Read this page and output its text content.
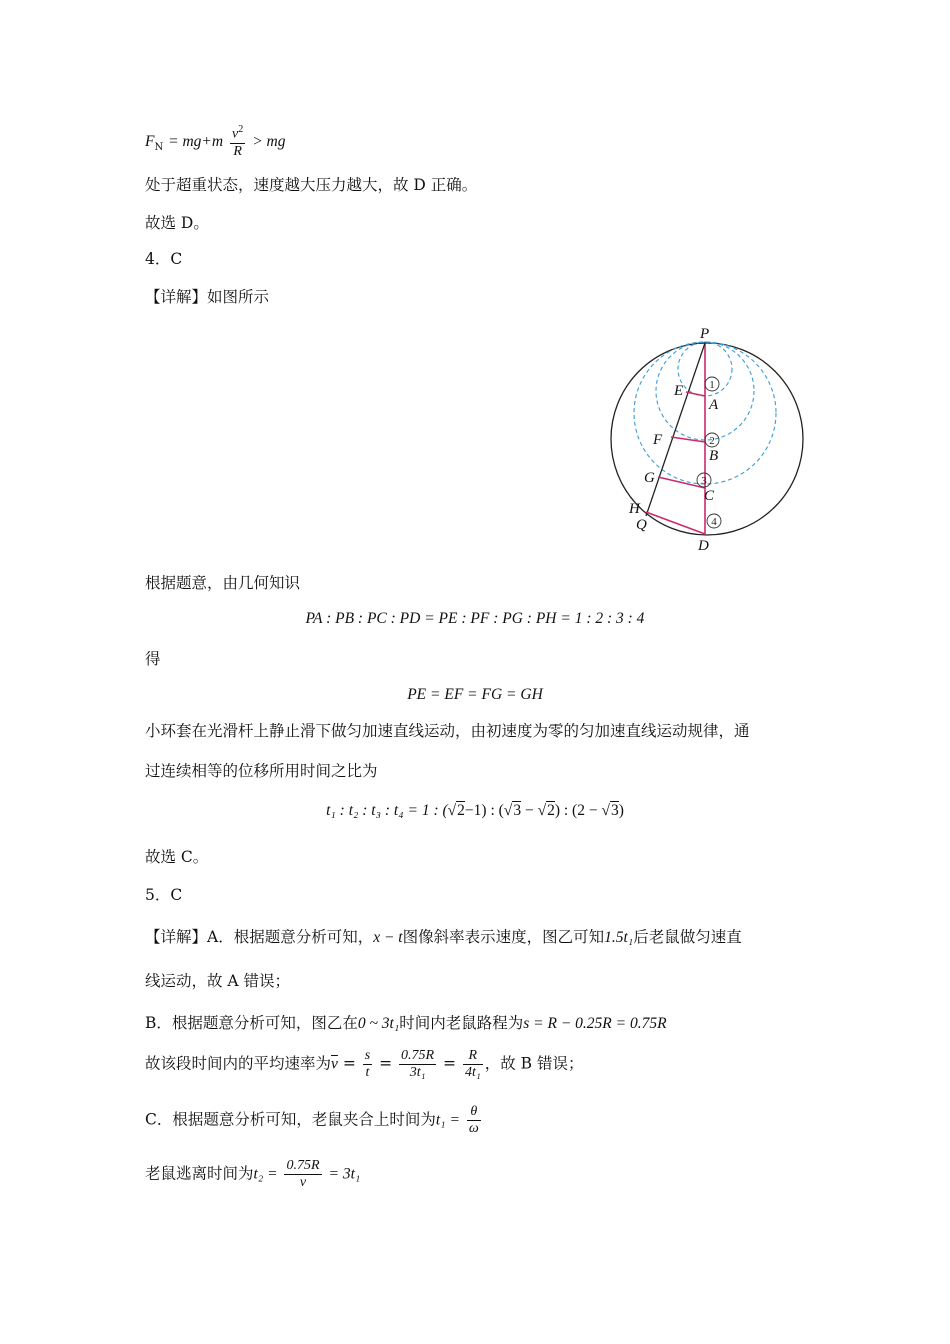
$F_N = mg+m \frac{v^2}{R}$ > mg
处于超重状态，速度越大压力越大，故 D 正确。
故选 D。
4．C
【详解】如图所示
1
2
3
4
P
E
A
F
B
G
C
H
Q
D
根据题意，由几何知识
PA : PB : PC : PD = PE : PF : PG : PH = 1 : 2 : 3 : 4
得
PE = EF = FG = GH
小环套在光滑杆上静止滑下做匀加速直线运动，由初速度为零的匀加速直线运动规律，通
过连续相等的位移所用时间之比为
t₁ : t₂ : t₃ : t₄ = 1 : (√2−1) : (√3 − √2) : (2 − √3)
故选 C。
5．C
【详解】A．根据题意分析可知，x − t图像斜率表示速度，图乙可知1.5t₁后老鼠做匀速直
线运动，故 A 错误；
B．根据题意分析可知，图乙在0 ~ 3t₁时间内老鼠路程为s = R − 0.25R = 0.75R
故该段时间内的平均速率为$\overline{v} = \frac{s}{t} = \frac{0.75R}{\text{3t₁}} = \frac{R}{\text{4t₁}}$ ，故 B 错误；
C．根据题意分析可知，老鼠夹合上时间为$t_1 = \frac{\theta}{\omega}$
老鼠逃离时间为$t_2 = \frac{0.75R}{v} = 3t_1$
